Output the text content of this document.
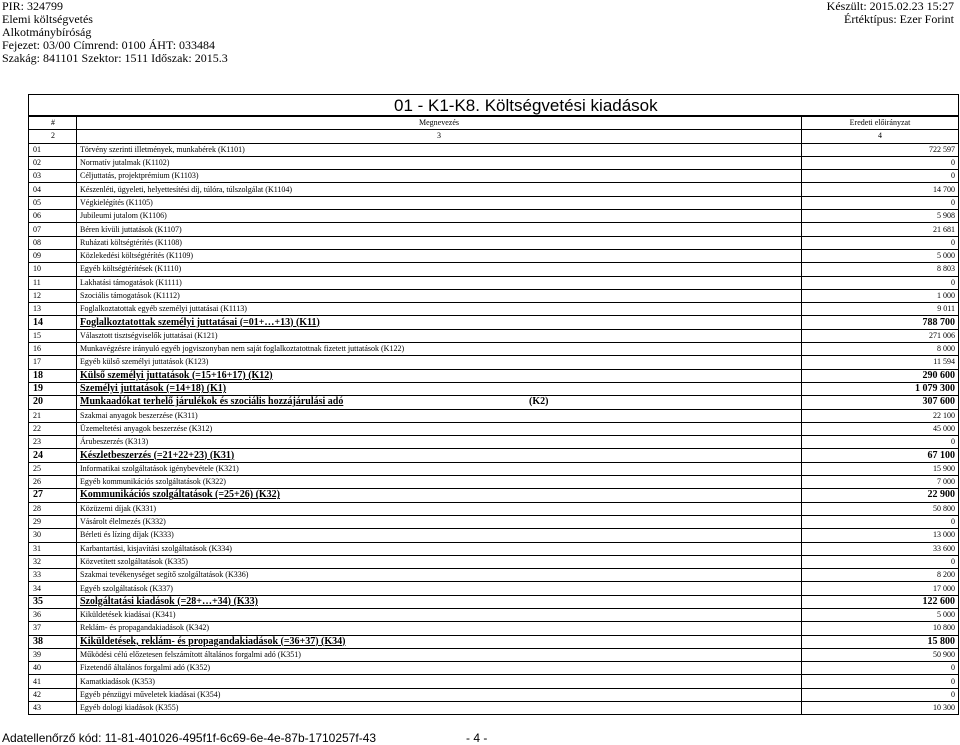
PIR: 324799
Elemi költségvetés
Alkotmánybíróság
Fejezet: 03/00 Címrend: 0100 ÁHT: 033484
Szakág: 841101 Szektor: 1511 Időszak: 2015.3
Készült: 2015.02.23 15:27
Értéktípus: Ezer Forint
01 - K1-K8. Költségvetési kiadások
#	Megnevezés	Eredeti előirányzat
2	3	4
01	Törvény szerinti illetmények, munkabérek (K1101)	722 597
02	Normatív jutalmak (K1102)	0
03	Céljuttatás, projektprémium (K1103)	0
04	Készenléti, ügyeleti, helyettesítési díj, túlóra, túlszolgálat (K1104)	14 700
05	Végkielégítés (K1105)	0
06	Jubileumi jutalom (K1106)	5 908
07	Béren kívüli juttatások (K1107)	21 681
08	Ruházati költségtérítés (K1108)	0
09	Közlekedési költségtérítés (K1109)	5 000
10	Egyéb költségtérítések (K1110)	8 803
11	Lakhatási támogatások (K1111)	0
12	Szociális támogatások (K1112)	1 000
13	Foglalkoztatottak egyéb személyi juttatásai (K1113)	9 011
14	Foglalkoztatottak személyi juttatásai (=01+…+13) (K11)	788 700
15	Választott tisztségviselők juttatásai (K121)	271 006
16	Munkavégzésre irányuló egyéb jogviszonyban nem saját foglalkoztatottnak fizetett juttatások (K122)	8 000
17	Egyéb külső személyi juttatások (K123)	11 594
18	Külső személyi juttatások (=15+16+17) (K12)	290 600
19	Személyi juttatások (=14+18) (K1)	1 079 300
20	Munkaadókat terhelő járulékok és szociális hozzájárulási adó (K2)	307 600
21	Szakmai anyagok beszerzése (K311)	22 100
22	Üzemeltetési anyagok beszerzése (K312)	45 000
23	Árubeszerzés (K313)	0
24	Készletbeszerzés (=21+22+23) (K31)	67 100
25	Informatikai szolgáltatások igénybevétele (K321)	15 900
26	Egyéb kommunikációs szolgáltatások (K322)	7 000
27	Kommunikációs szolgáltatások (=25+26) (K32)	22 900
28	Közüzemi díjak (K331)	50 800
29	Vásárolt élelmezés (K332)	0
30	Bérleti és lízing díjak (K333)	13 000
31	Karbantartási, kisjavítási szolgáltatások (K334)	33 600
32	Közvetített szolgáltatások (K335)	0
33	Szakmai tevékenységet segítő szolgáltatások (K336)	8 200
34	Egyéb szolgáltatások (K337)	17 000
35	Szolgáltatási kiadások (=28+…+34) (K33)	122 600
36	Kiküldetések kiadásai (K341)	5 000
37	Reklám- és propagandakiadások (K342)	10 800
38	Kiküldetések, reklám- és propagandakiadások (=36+37) (K34)	15 800
39	Működési célú előzetesen felszámított általános forgalmi adó (K351)	50 900
40	Fizetendő általános forgalmi adó (K352)	0
41	Kamatkiadások (K353)	0
42	Egyéb pénzügyi műveletek kiadásai (K354)	0
43	Egyéb dologi kiadások (K355)	10 300
Adatellenőrző kód: 11-81-401026-495f1f-6c69-6e-4e-87b-1710257f-43	- 4 -
